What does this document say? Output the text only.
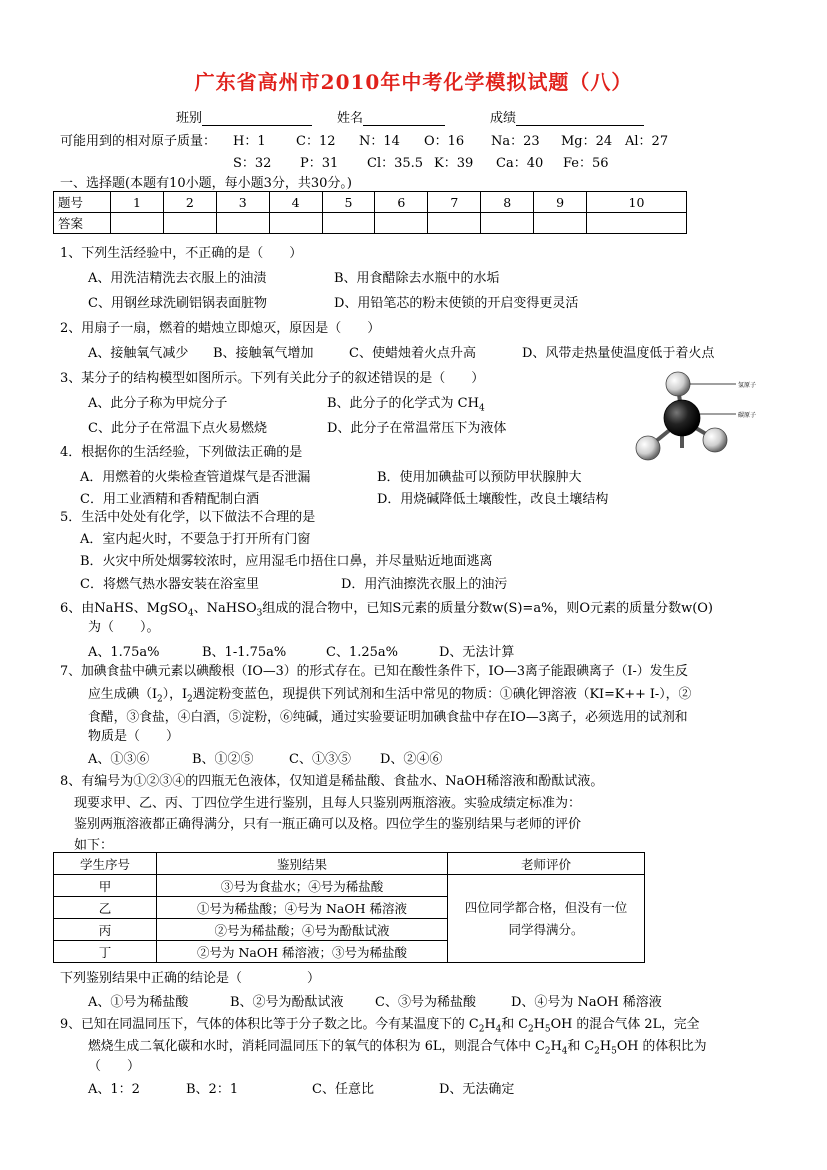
广东省高州市2010年中考化学模拟试题（八）
班别	姓名	成绩
可能用到的相对原子质量： H：1 C：12 N：14 O：16 Na：23 Mg：24 Al：27
S：32 P：31 Cl：35.5 K：39 Ca：40 Fe：56
一、选择题(本题有10小题，每小题3分，共30分。)
题号	1	2	3	4	5	6	7	8	9	10
答案										
1、下列生活经验中，不正确的是（　　）
A、用洗洁精洗去衣服上的油渍	B、用食醋除去水瓶中的水垢
C、用钢丝球洗刷铝锅表面脏物	D、用铅笔芯的粉末使锁的开启变得更灵活
2、用扇子一扇，燃着的蜡烛立即熄灭，原因是（　　）
A、接触氧气减少 B、接触氧气增加	C、使蜡烛着火点升高	D、风带走热量使温度低于着火点
3、某分子的结构模型如图所示。下列有关此分子的叙述错误的是（　　）
A、此分子称为甲烷分子	B、此分子的化学式为 $CH_4$
C、此分子在常温下点火易燃烧	D、此分子在常温常压下为液体
氢原子
碳原子
4．根据你的生活经验，下列做法正确的是
A．用燃着的火柴检查管道煤气是否泄漏	B．使用加碘盐可以预防甲状腺肿大
C．用工业酒精和香精配制白酒	D．用烧碱降低土壤酸性，改良土壤结构
5．生活中处处有化学，以下做法不合理的是
A．室内起火时，不要急于打开所有门窗
B．火灾中所处烟雾较浓时，应用湿毛巾捂住口鼻，并尽量贴近地面逃离
C．将燃气热水器安装在浴室里	D．用汽油擦洗衣服上的油污
6、由NaHS、MgSO$_4$、NaHSO$_3$组成的混合物中，已知S元素的质量分数w(S)=a%，则O元素的质量分数w(O)
为（　　）。
A、1.75a%	B、1-1.75a%	C、1.25a%	D、无法计算
7、加碘食盐中碘元素以碘酸根（IO—3）的形式存在。已知在酸性条件下，IO—3离子能跟碘离子（I-）发生反
应生成碘$(I_2)$，$I_2$遇淀粉变蓝色，现提供下列试剂和生活中常见的物质：①碘化钾溶液（KI=K++ I-），②
食醋，③食盐，④白酒，⑤淀粉，⑥纯碱，通过实验要证明加碘食盐中存在IO—3离子，必须选用的试剂和
物质是（　　）
A、①③⑥	B、①②⑤	C、①③⑤ D、②④⑥
8、有编号为①②③④的四瓶无色液体，仅知道是稀盐酸、食盐水、NaOH稀溶液和酚酞试液。
现要求甲、乙、丙、丁四位学生进行鉴别，且每人只鉴别两瓶溶液。实验成绩定标准为：
鉴别两瓶溶液都正确得满分，只有一瓶正确可以及格。四位学生的鉴别结果与老师的评价
如下：
学生序号	鉴别结果	老师评价
甲	③号为食盐水；④号为稀盐酸	四位同学都合格，但没有一位
同学得满分。

乙	①号为稀盐酸；④号为 NaOH 稀溶液	
丙	②号为稀盐酸；④号为酚酞试液	
丁	②号为 NaOH 稀溶液；③号为稀盐酸	
下列鉴别结果中正确的结论是（　　　　　）
A、①号为稀盐酸	B、②号为酚酞试液 C、③号为稀盐酸	D、④号为 NaOH 稀溶液
9、已知在同温同压下，气体的体积比等于分子数之比。今有某温度下的 $C_2H_4$和 $C_2H_5OH$ 的混合气体 2L，完全
燃烧生成二氧化碳和水时，消耗同温同压下的氧气的体积为 6L，则混合气体中 $C_2H_4$和 $C_2H_5OH$ 的体积比为
（　　）
A、1：2	B、2：1	C、任意比	D、无法确定
